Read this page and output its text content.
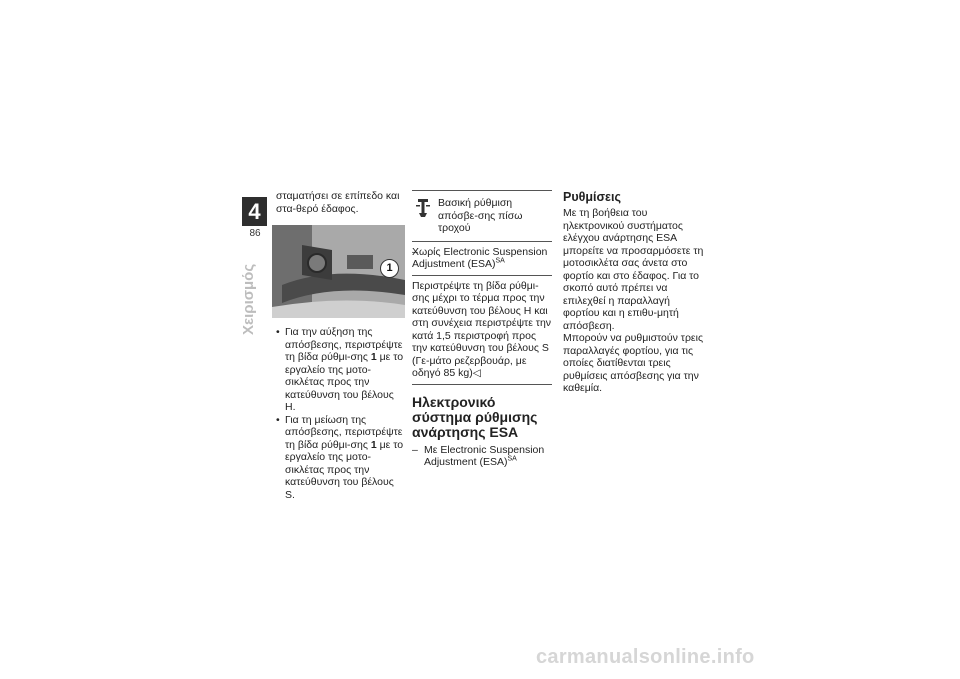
4
86
Χειρισμός

σταματήσει σε επίπεδο και στα-θερό έδαφος.

1
• Για την αύξηση της απόσβεσης, περιστρέψτε τη βίδα ρύθμι-σης 1 με το εργαλείο της μοτο-σικλέτας προς την κατεύθυνση του βέλους H.
• Για τη μείωση της απόσβεσης, περιστρέψτε τη βίδα ρύθμι-σης 1 με το εργαλείο της μοτο-σικλέτας προς την κατεύθυνση του βέλους S.
Βασική ρύθμιση απόσβε-σης πίσω τροχού
– Χωρίς Electronic Suspension Adjustment (ESA)$^{SA}$
Περιστρέψτε τη βίδα ρύθμι-σης μέχρι το τέρμα προς την κατεύθυνση του βέλους H και στη συνέχεια περιστρέψτε την κατά 1,5 περιστροφή προς την κατεύθυνση του βέλους S (Γε-μάτο ρεζερβουάρ, με οδηγό 85 kg)◁
Ηλεκτρονικό σύστημα ρύθμισης ανάρτησης ESA
– Με Electronic Suspension Adjustment (ESA)$^{SA}$
Ρυθμίσεις

Με τη βοήθεια του ηλεκτρονικού συστήματος ελέγχου ανάρτησης ESA μπορείτε να προσαρμόσετε τη μοτοσικλέτα σας άνετα στο φορτίο και στο έδαφος. Για το σκοπό αυτό πρέπει να επιλεχθεί η παραλλαγή φορτίου και η επιθυ-μητή απόσβεση.

Μπορούν να ρυθμιστούν τρεις παραλλαγές φορτίου, για τις οποίες διατίθενται τρεις ρυθμίσεις απόσβεσης για την καθεμία.

carmanualsonline.info
